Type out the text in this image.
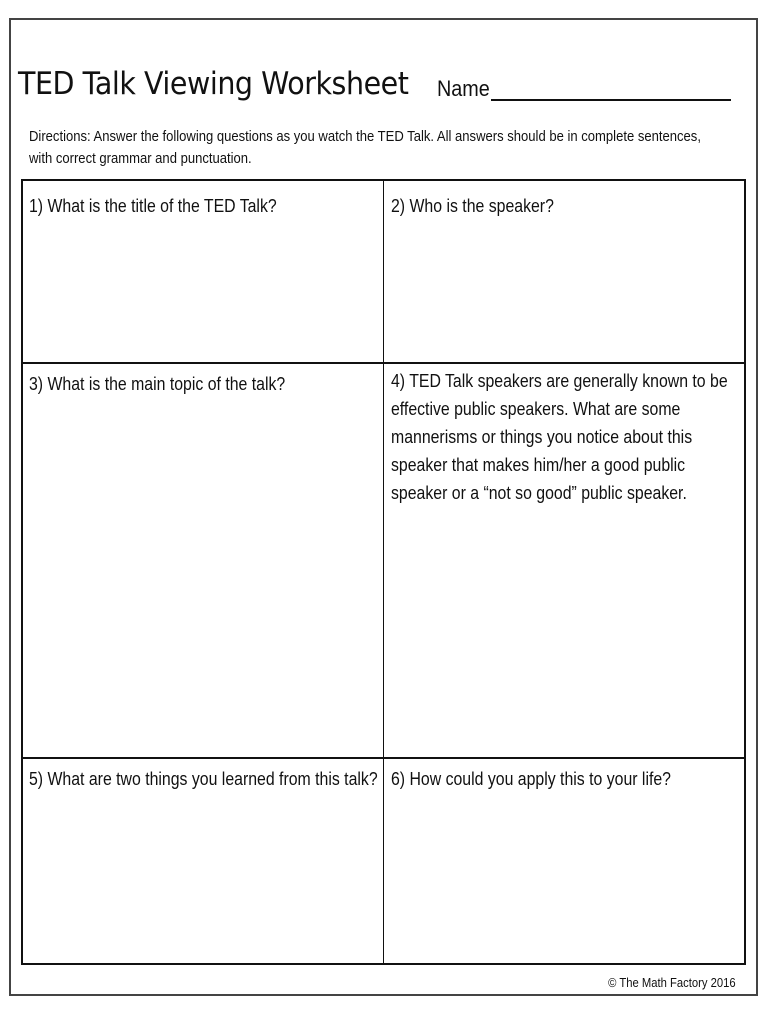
TED Talk Viewing Worksheet Name
Directions: Answer the following questions as you watch the TED Talk. All answers should be in complete sentences, with correct grammar and punctuation.
1) What is the title of the TED Talk?	2) Who is the speaker?
3) What is the main topic of the talk?	4) TED Talk speakers are generally known to be effective public speakers. What are some mannerisms or things you notice about this speaker that makes him/her a good public speaker or a “not so good” public speaker.
5) What are two things you learned from this talk? 6) How could you apply this to your life?
© The Math Factory 2016
